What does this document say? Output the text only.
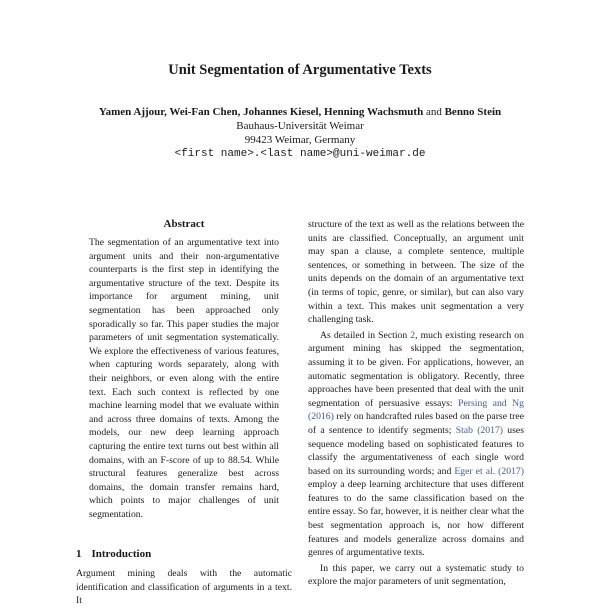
Unit Segmentation of Argumentative Texts
Yamen Ajjour, Wei-Fan Chen, Johannes Kiesel, Henning Wachsmuth and Benno Stein
Bauhaus-Universität Weimar
99423 Weimar, Germany
<first name>.<last name>@uni-weimar.de
Abstract
The segmentation of an argumentative text into argument units and their non-argumentative counterparts is the first step in identifying the argumentative structure of the text. Despite its importance for argument mining, unit segmentation has been approached only sporadically so far. This paper studies the major parameters of unit segmentation systematically. We explore the effectiveness of various features, when capturing words separately, along with their neighbors, or even along with the entire text. Each such context is reflected by one machine learning model that we evaluate within and across three domains of texts. Among the models, our new deep learning approach capturing the entire text turns out best within all domains, with an F-score of up to 88.54. While structural features generalize best across domains, the domain transfer remains hard, which points to major challenges of unit segmentation.
1 Introduction
Argument mining deals with the automatic identification and classification of arguments in a text. It

structure of the text as well as the relations between the units are classified. Conceptually, an argument unit may span a clause, a complete sentence, multiple sentences, or something in between. The size of the units depends on the domain of an argumentative text (in terms of topic, genre, or similar), but can also vary within a text. This makes unit segmentation a very challenging task.

As detailed in Section 2, much existing research on argument mining has skipped the segmentation, assuming it to be given. For applications, however, an automatic segmentation is obligatory. Recently, three approaches have been presented that deal with the unit segmentation of persuasive essays: Persing and Ng (2016) rely on handcrafted rules based on the parse tree of a sentence to identify segments; Stab (2017) uses sequence modeling based on sophisticated features to classify the argumentativeness of each single word based on its surrounding words; and Eger et al. (2017) employ a deep learning architecture that uses different features to do the same classification based on the entire essay. So far, however, it is neither clear what the best segmentation approach is, nor how different features and models generalize across domains and genres of argumentative texts.

In this paper, we carry out a systematic study to explore the major parameters of unit segmentation,
